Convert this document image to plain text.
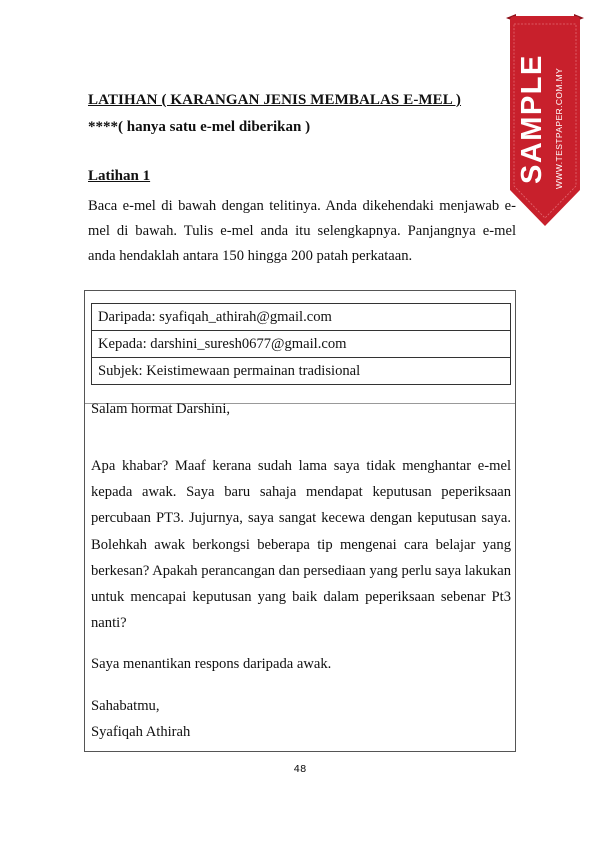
LATIHAN ( KARANGAN JENIS MEMBALAS E-MEL )
****( hanya satu e-mel diberikan )
Latihan 1
Baca e-mel di bawah dengan telitinya. Anda dikehendaki menjawab e-mel di bawah. Tulis e-mel anda itu selengkapnya. Panjangnya e-mel anda hendaklah antara 150 hingga 200 patah perkataan.
Daripada: syafiqah_athirah@gmail.com
Kepada: darshini_suresh0677@gmail.com
Subjek: Keistimewaan permainan tradisional
Salam hormat Darshini,
Apa khabar? Maaf kerana sudah lama saya tidak menghantar e-mel kepada awak. Saya baru sahaja mendapat keputusan peperiksaan percubaan PT3. Jujurnya, saya sangat kecewa dengan keputusan saya. Bolehkah awak berkongsi beberapa tip mengenai cara belajar yang berkesan? Apakah perancangan dan persediaan yang perlu saya lakukan untuk mencapai keputusan yang baik dalam peperiksaan sebenar Pt3 nanti?
Saya menantikan respons daripada awak.
Sahabatmu,
Syafiqah Athirah
48
SAMPLE WWW.TESTPAPER.COM.MY
